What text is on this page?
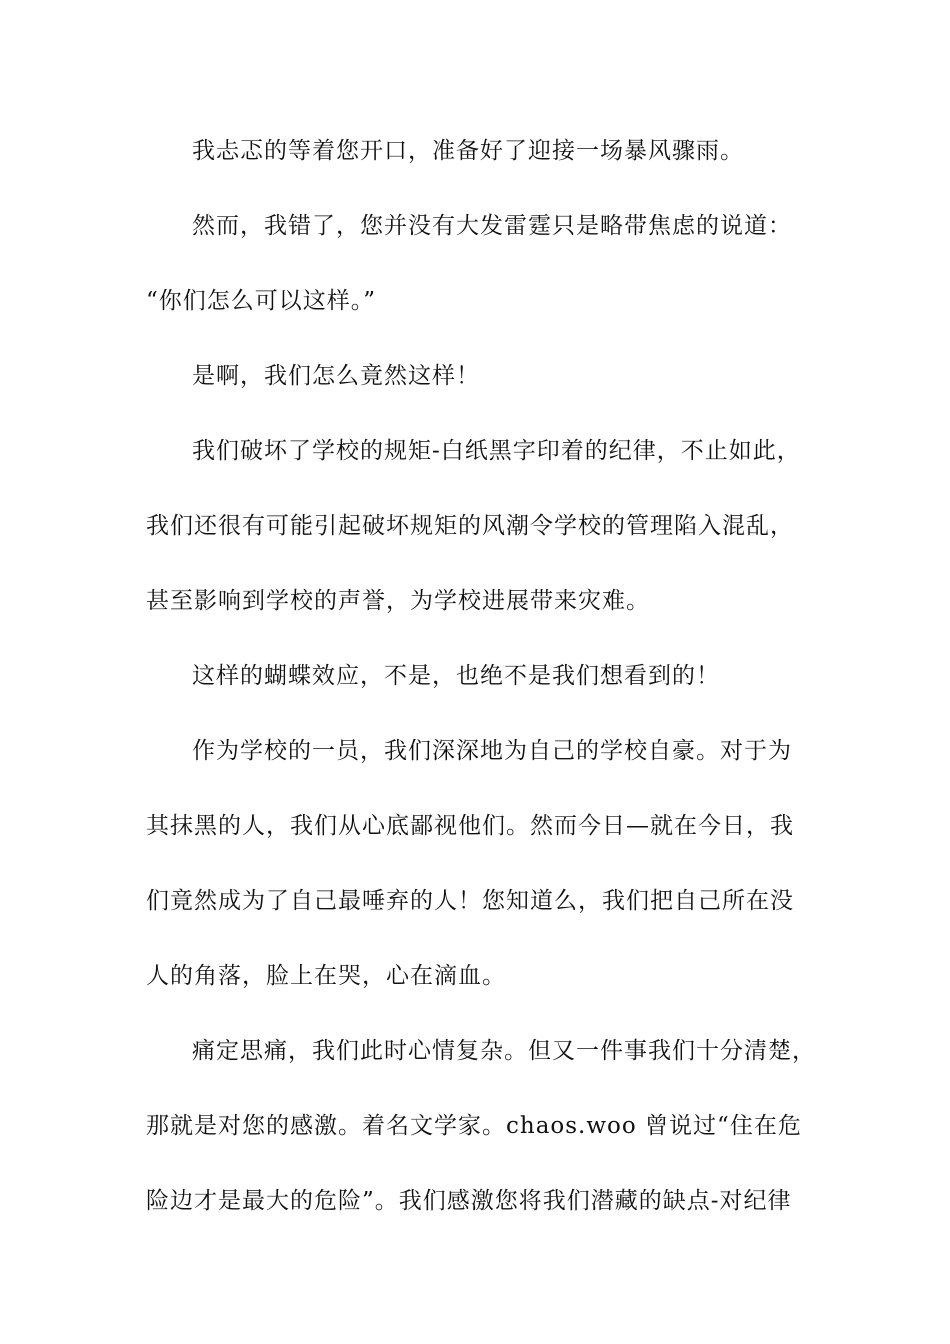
我忐忑的等着您开口，准备好了迎接一场暴风骤雨。
然而，我错了，您并没有大发雷霆只是略带焦虑的说道：
“你们怎么可以这样。”
是啊，我们怎么竟然这样！
我们破坏了学校的规矩-白纸黑字印着的纪律，不止如此，
我们还很有可能引起破坏规矩的风潮令学校的管理陷入混乱，
甚至影响到学校的声誉，为学校进展带来灾难。
这样的蝴蝶效应，不是，也绝不是我们想看到的！
作为学校的一员，我们深深地为自己的学校自豪。对于为
其抹黑的人，我们从心底鄙视他们。然而今日—就在今日，我
们竟然成为了自己最唾弃的人！您知道么，我们把自己所在没
人的角落，脸上在哭，心在滴血。
痛定思痛，我们此时心情复杂。但又一件事我们十分清楚，
那就是对您的感激。着名文学家。chaos.woo 曾说过“住在危
险边才是最大的危险”。我们感激您将我们潜藏的缺点-对纪律
